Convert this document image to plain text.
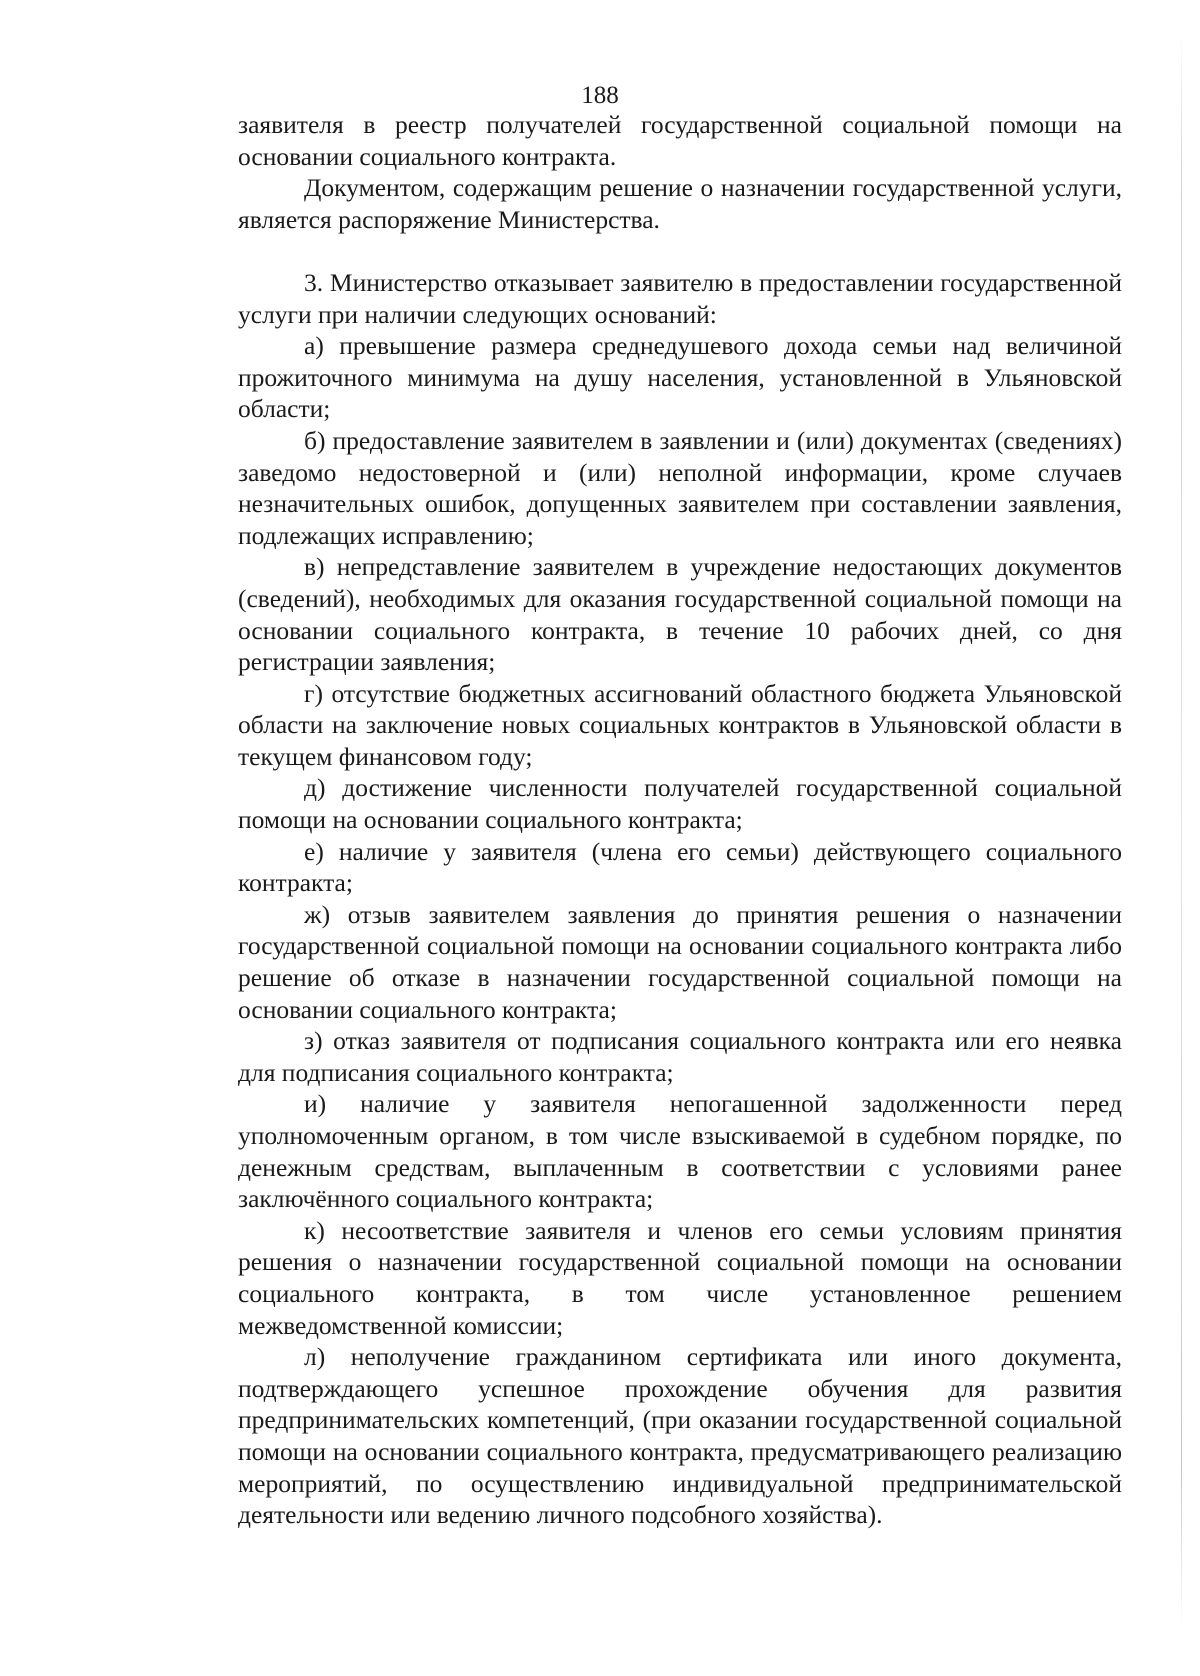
188

заявителя в реестр получателей государственной социальной помощи на основании социального контракта.

Документом, содержащим решение о назначении государственной услуги, является распоряжение Министерства.

3. Министерство отказывает заявителю в предоставлении государственной услуги при наличии следующих оснований:

а) превышение размера среднедушевого дохода семьи над величиной прожиточного минимума на душу населения, установленной в Ульяновской области;

б) предоставление заявителем в заявлении и (или) документах (сведениях) заведомо недостоверной и (или) неполной информации, кроме случаев незначительных ошибок, допущенных заявителем при составлении заявления, подлежащих исправлению;

в) непредставление заявителем в учреждение недостающих документов (сведений), необходимых для оказания государственной социальной помощи на основании социального контракта, в течение 10 рабочих дней, со дня регистрации заявления;

г) отсутствие бюджетных ассигнований областного бюджета Ульяновской области на заключение новых социальных контрактов в Ульяновской области в текущем финансовом году;

д) достижение численности получателей государственной социальной помощи на основании социального контракта;

е) наличие у заявителя (члена его семьи) действующего социального контракта;

ж) отзыв заявителем заявления до принятия решения о назначении государственной социальной помощи на основании социального контракта либо решение об отказе в назначении государственной социальной помощи на основании социального контракта;

з) отказ заявителя от подписания социального контракта или его неявка для подписания социального контракта;

и) наличие у заявителя непогашенной задолженности перед уполномоченным органом, в том числе взыскиваемой в судебном порядке, по денежным средствам, выплаченным в соответствии с условиями ранее заключённого социального контракта;

к) несоответствие заявителя и членов его семьи условиям принятия решения о назначении государственной социальной помощи на основании социального контракта, в том числе установленное решением межведомственной комиссии;

л) неполучение гражданином сертификата или иного документа, подтверждающего успешное прохождение обучения для развития предпринимательских компетенций, (при оказании государственной социальной помощи на основании социального контракта, предусматривающего реализацию мероприятий, по осуществлению индивидуальной предпринимательской деятельности или ведению личного подсобного хозяйства).
